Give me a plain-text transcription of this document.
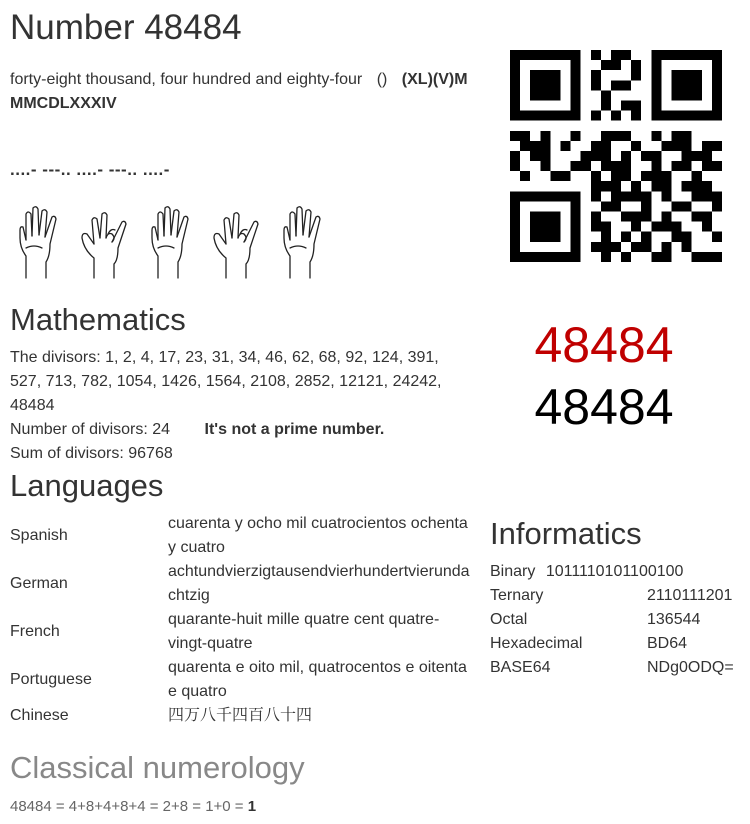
Number 48484
forty-eight thousand, four hundred and eighty-four () (XL)(V)M
MMCDLXXXIV
....- ---.. ....- ---.. ....-
48484
48484
Mathematics
The divisors: 1, 2, 4, 17, 23, 31, 34, 46, 62, 68, 92, 124, 391,
527, 713, 782, 1054, 1426, 1564, 2108, 2852, 12121, 24242,
48484
Number of divisors: 24 It's not a prime number.
Sum of divisors: 96768
Languages
Spanish	cuarenta y ocho mil cuatrocientos ochenta
y cuatro

German	achtundvierzigtausendvierhundertvierunda
chtzig

French	quarante-huit mille quatre cent quatre-
vingt-quatre

Portuguese	quarenta e oito mil, quatrocentos e oitenta
e quatro

Chinese	四万八千四百八十四
Informatics
Binary 1011110101100100
Ternary	2110111201
Octal	136544
Hexadecimal	BD64
BASE64	NDg0ODQ=
Classical numerology
48484 = 4+8+4+8+4 = 2+8 = 1+0 = 1
